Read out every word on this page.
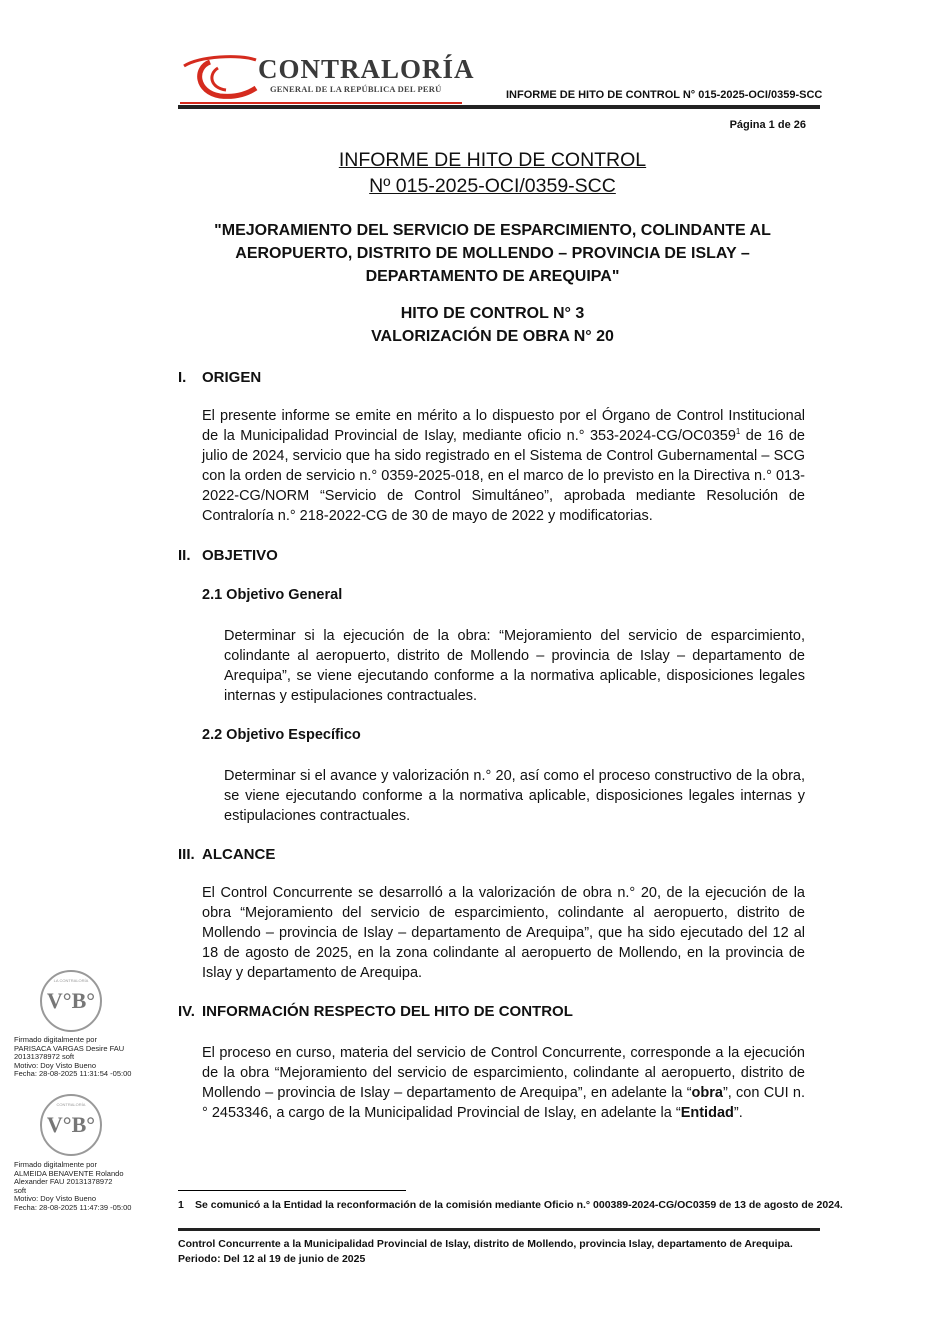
CONTRALORÍA
GENERAL DE LA REPÚBLICA DEL PERÚ	INFORME DE HITO DE CONTROL N° 015-2025-OCI/0359-SCC
Página 1 de 26
INFORME DE HITO DE CONTROL
Nº 015-2025-OCI/0359-SCC
"MEJORAMIENTO DEL SERVICIO DE ESPARCIMIENTO, COLINDANTE AL
AEROPUERTO, DISTRITO DE MOLLENDO – PROVINCIA DE ISLAY –
DEPARTAMENTO DE AREQUIPA"
HITO DE CONTROL N° 3
VALORIZACIÓN DE OBRA N° 20
I. ORIGEN
El presente informe se emite en mérito a lo dispuesto por el Órgano de Control Institucional de la Municipalidad Provincial de Islay, mediante oficio n.° 353-2024-CG/OC0359$^1$ de 16 de julio de 2024, servicio que ha sido registrado en el Sistema de Control Gubernamental – SCG con la orden de servicio n.° 0359-2025-018, en el marco de lo previsto en la Directiva n.° 013-2022-CG/NORM “Servicio de Control Simultáneo”, aprobada mediante Resolución de Contraloría n.° 218-2022-CG de 30 de mayo de 2022 y modificatorias.
II. OBJETIVO
2.1 Objetivo General
Determinar si la ejecución de la obra: “Mejoramiento del servicio de esparcimiento, colindante al aeropuerto, distrito de Mollendo – provincia de Islay – departamento de Arequipa”, se viene ejecutando conforme a la normativa aplicable, disposiciones legales internas y estipulaciones contractuales.
2.2 Objetivo Específico
Determinar si el avance y valorización n.° 20, así como el proceso constructivo de la obra, se viene ejecutando conforme a la normativa aplicable, disposiciones legales internas y estipulaciones contractuales.
III. ALCANCE
El Control Concurrente se desarrolló a la valorización de obra n.° 20, de la ejecución de la obra “Mejoramiento del servicio de esparcimiento, colindante al aeropuerto, distrito de Mollendo – provincia de Islay – departamento de Arequipa”, que ha sido ejecutado del 12 al 18 de agosto de 2025, en la zona colindante al aeropuerto de Mollendo, en la provincia de Islay y departamento de Arequipa.
IV. INFORMACIÓN RESPECTO DEL HITO DE CONTROL
El proceso en curso, materia del servicio de Control Concurrente, corresponde a la ejecución de la obra “Mejoramiento del servicio de esparcimiento, colindante al aeropuerto, distrito de Mollendo – provincia de Islay – departamento de Arequipa”, en adelante la “obra”, con CUI n.° 2453346, a cargo de la Municipalidad Provincial de Islay, en adelante la “Entidad”.
LA CONTRALORÍA
V°B°
Firmado digitalmente por
PARISACA VARGAS Desire FAU
20131378972 soft
Motivo: Doy Visto Bueno
Fecha: 28-08-2025 11:31:54 -05:00
CONTRALORÍA
V°B°
Firmado digitalmente por
ALMEIDA BENAVENTE Rolando
Alexander FAU 20131378972
soft
Motivo: Doy Visto Bueno
Fecha: 28-08-2025 11:47:39 -05:00	1 Se comunicó a la Entidad la reconformación de la comisión mediante Oficio n.° 000389-2024-CG/OC0359 de 13 de agosto de 2024.
Control Concurrente a la Municipalidad Provincial de Islay, distrito de Mollendo, provincia Islay, departamento de Arequipa.
Periodo: Del 12 al 19 de junio de 2025
